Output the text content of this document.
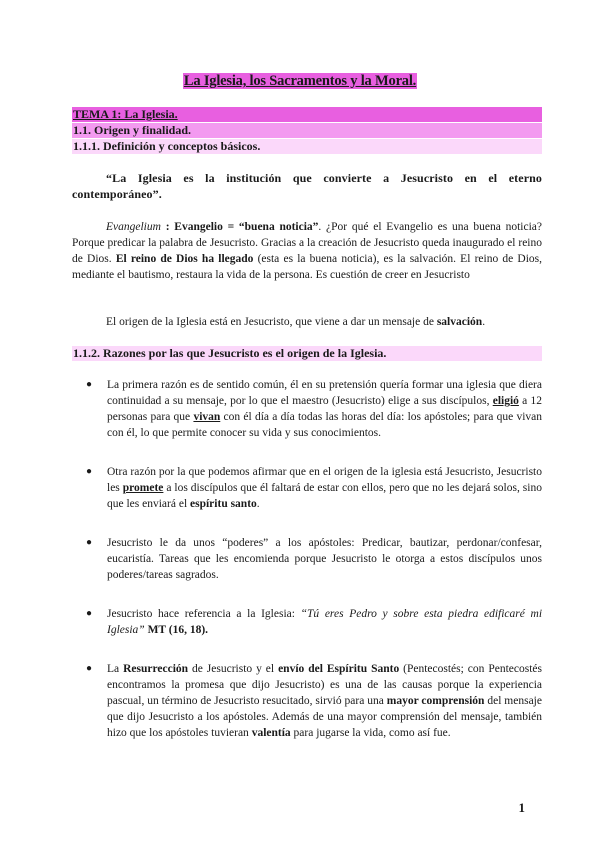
La Iglesia, los Sacramentos y la Moral.
TEMA 1: La Iglesia.
1.1. Origen y finalidad.
1.1.1. Definición y conceptos básicos.
“La Iglesia es la institución que convierte a Jesucristo en el eterno contemporáneo”.
Evangelium : Evangelio = “buena noticia”. ¿Por qué el Evangelio es una buena noticia? Porque predicar la palabra de Jesucristo. Gracias a la creación de Jesucristo queda inaugurado el reino de Dios. El reino de Dios ha llegado (esta es la buena noticia), es la salvación. El reino de Dios, mediante el bautismo, restaura la vida de la persona. Es cuestión de creer en Jesucristo
El origen de la Iglesia está en Jesucristo, que viene a dar un mensaje de salvación.
1.1.2. Razones por las que Jesucristo es el origen de la Iglesia.
● La primera razón es de sentido común, él en su pretensión quería formar una iglesia que diera continuidad a su mensaje, por lo que el maestro (Jesucristo) elige a sus discípulos, eligió a 12 personas para que vivan con él día a día todas las horas del día: los apóstoles; para que vivan con él, lo que permite conocer su vida y sus conocimientos.
● Otra razón por la que podemos afirmar que en el origen de la iglesia está Jesucristo, Jesucristo les promete a los discípulos que él faltará de estar con ellos, pero que no les dejará solos, sino que les enviará el espíritu santo.
● Jesucristo le da unos “poderes” a los apóstoles: Predicar, bautizar, perdonar/confesar, eucaristía. Tareas que les encomienda porque Jesucristo le otorga a estos discípulos unos poderes/tareas sagrados.
● Jesucristo hace referencia a la Iglesia: “Tú eres Pedro y sobre esta piedra edificaré mi Iglesia” MT (16, 18).
● La Resurrección de Jesucristo y el envío del Espíritu Santo (Pentecostés; con Pentecostés encontramos la promesa que dijo Jesucristo) es una de las causas porque la experiencia pascual, un término de Jesucristo resucitado, sirvió para una mayor comprensión del mensaje que dijo Jesucristo a los apóstoles. Además de una mayor comprensión del mensaje, también hizo que los apóstoles tuvieran valentía para jugarse la vida, como así fue.
1
